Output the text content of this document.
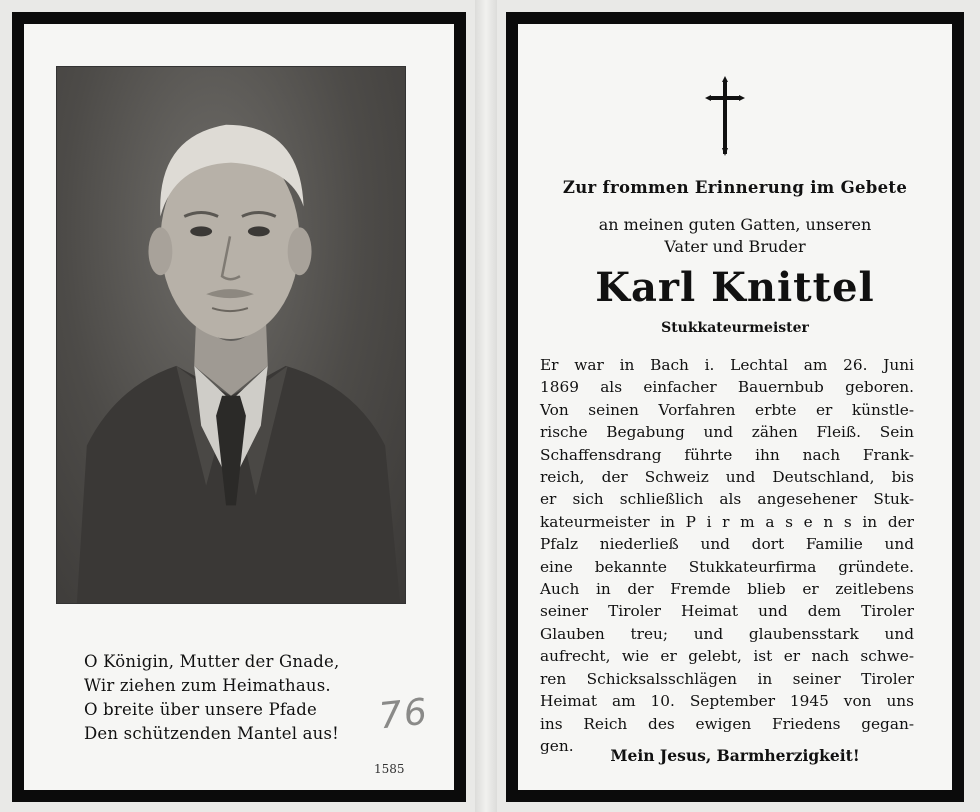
O Königin, Mutter der Gnade,
Wir ziehen zum Heimathaus.
O breite über unsere Pfade
Den schützenden Mantel aus! 76
1585
Zur frommen Erinnerung im Gebete
an meinen guten Gatten, unseren
Vater und Bruder
Karl Knittel
Stukkateurmeister
Er war in Bach i. Lechtal am 26. Juni
1869 als einfacher Bauernbub geboren.
Von seinen Vorfahren erbte er künstle-
rische Begabung und zähen Fleiß. Sein
Schaffensdrang führte ihn nach Frank-
reich, der Schweiz und Deutschland, bis
er sich schließlich als angesehener Stuk-
kateurmeister in P i r m a s e n s in der
Pfalz niederließ und dort Familie und
eine bekannte Stukkateurfirma gründete.
Auch in der Fremde blieb er zeitlebens
seiner Tiroler Heimat und dem Tiroler
Glauben treu; und glaubensstark und
aufrecht, wie er gelebt, ist er nach schwe-
ren Schicksalsschlägen in seiner Tiroler
Heimat am 10. September 1945 von uns
ins Reich des ewigen Friedens gegan-
gen.
Mein Jesus, Barmherzigkeit!
